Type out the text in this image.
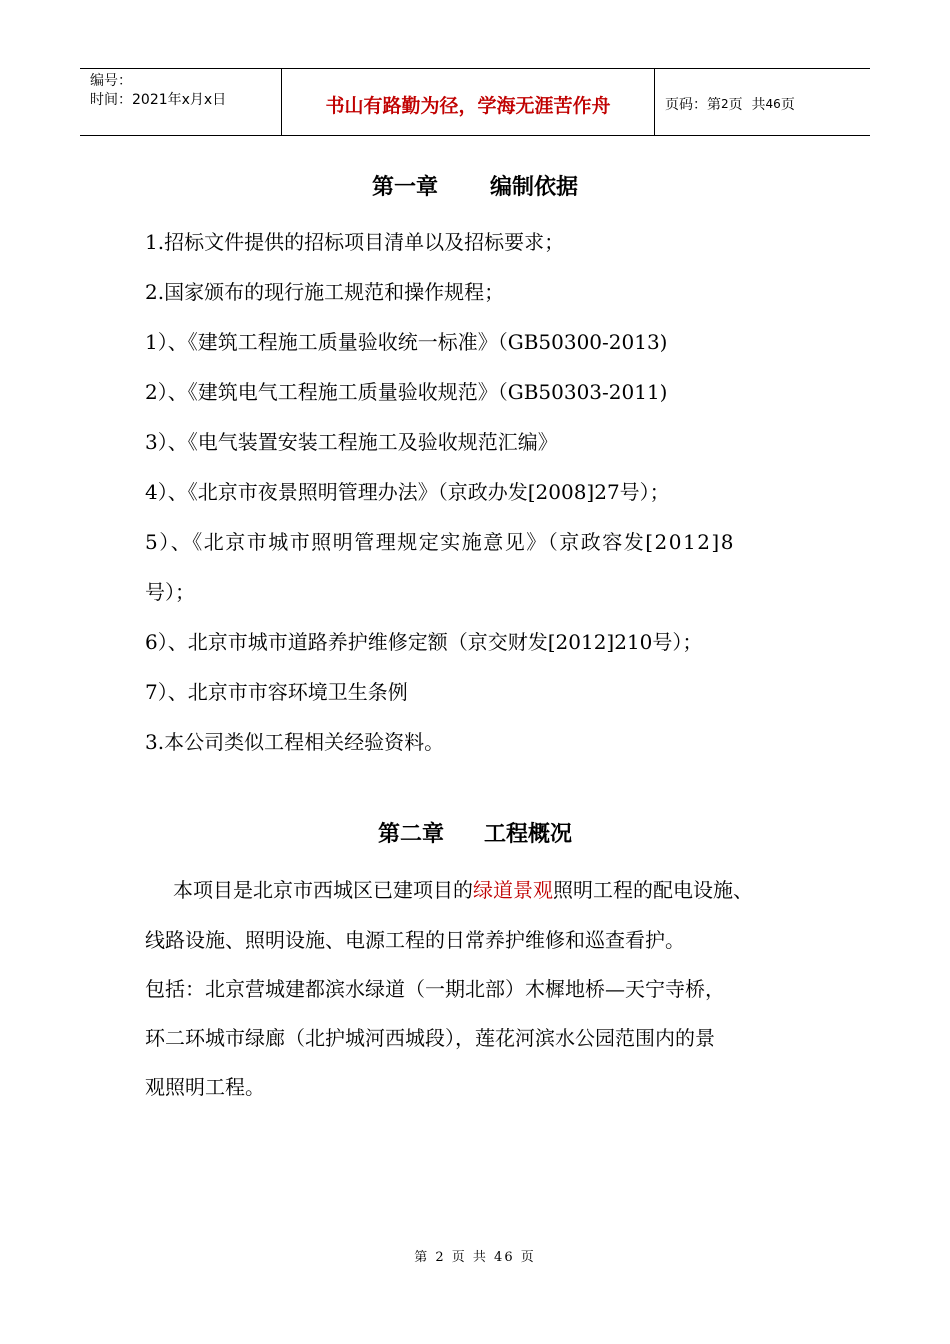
编号：
时间：2021年x月x日	书山有路勤为径，学海无涯苦作舟	页码：第 2 页  共 46 页
第一章 编制依据
1.招标文件提供的招标项目清单以及招标要求；
2.国家颁布的现行施工规范和操作规程；
1）、《建筑工程施工质量验收统一标准》（GB50300-2013)
2）、《建筑电气工程施工质量验收规范》（GB50303-2011)
3）、《电气装置安装工程施工及验收规范汇编》
4）、《北京市夜景照明管理办法》（京政办发[2008]27号）；
5）、《北京市城市照明管理规定实施意见》（京政容发[2012]8
号）；
6）、北京市城市道路养护维修定额（京交财发[2012]210号）；
7）、北京市市容环境卫生条例
3.本公司类似工程相关经验资料。
第二章 工程概况
本项目是北京市西城区已建项目的绿道景观照明工程的配电设施、
线路设施、照明设施、电源工程的日常养护维修和巡查看护。
包括：北京营城建都滨水绿道（一期北部）木樨地桥—天宁寺桥，
环二环城市绿廊（北护城河西城段），莲花河滨水公园范围内的景
观照明工程。
第 2 页 共 46 页
